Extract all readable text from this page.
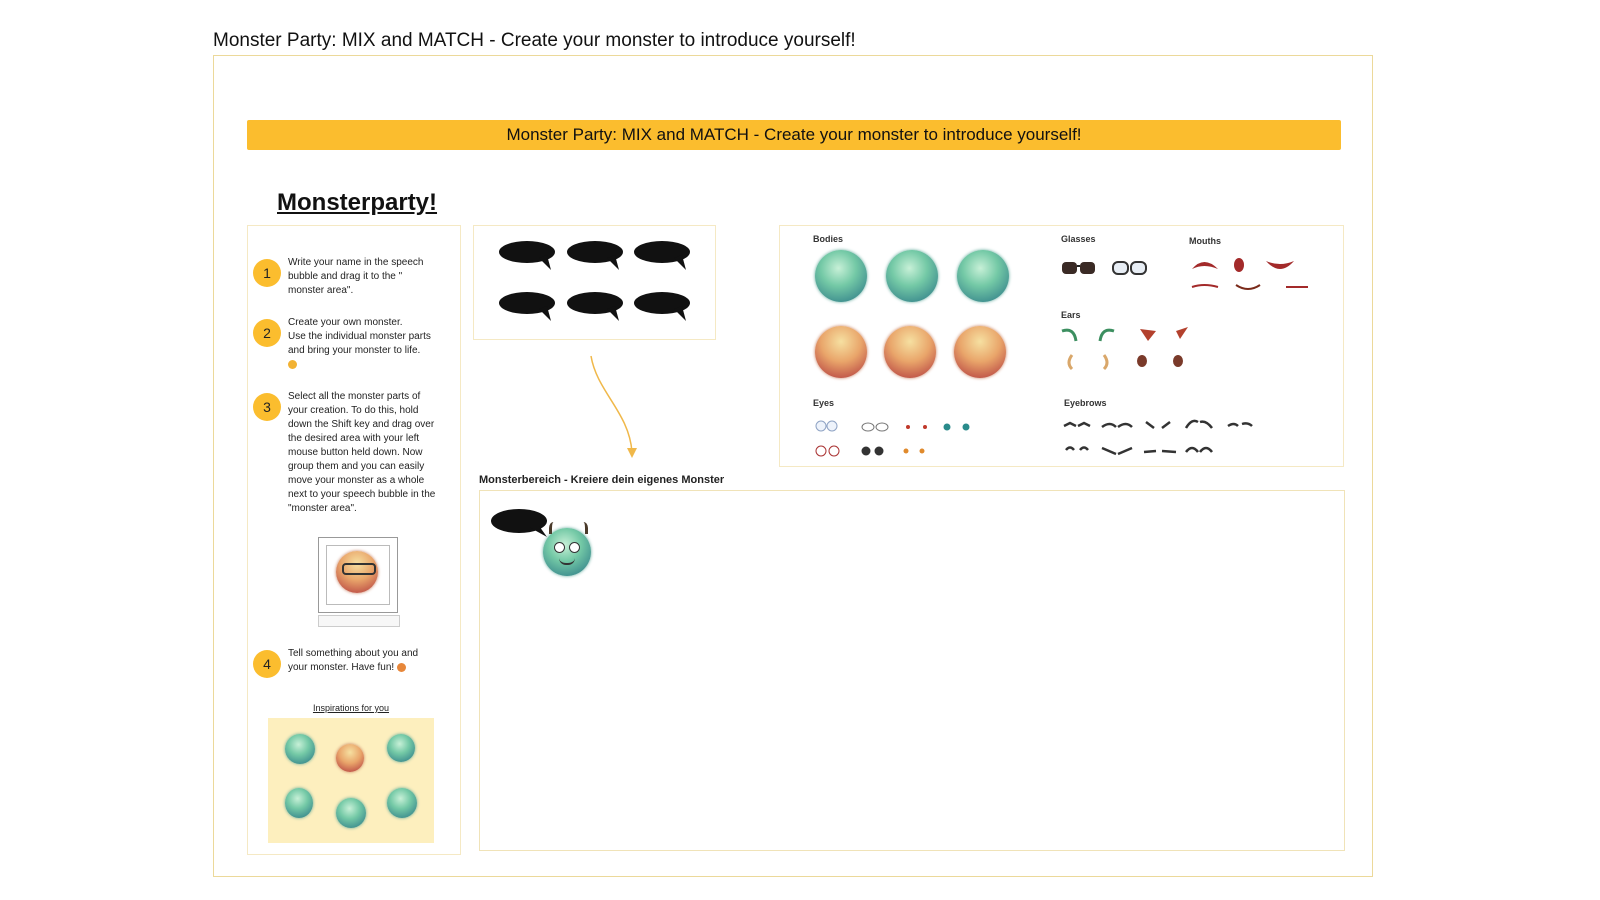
Monster Party: MIX and MATCH - Create your monster to introduce yourself!
Monster Party: MIX and MATCH - Create your monster to introduce yourself!
Monsterparty!
1
Write your name in the speech
bubble and drag it to the "
monster area".
2
Create your own monster.
Use the individual monster parts
and bring your monster to life.
3
Select all the monster parts of
your creation. To do this, hold
down the Shift key and drag over
the desired area with your left
mouse button held down. Now
group them and you can easily
move your monster as a whole
next to your speech bubble in the
"monster area".
4
Tell something about you and
your monster. Have fun!
Inspirations for you
Bodies
Eyes
Glasses	Mouths
Ears
Eyebrows
Monsterbereich - Kreiere dein eigenes Monster
